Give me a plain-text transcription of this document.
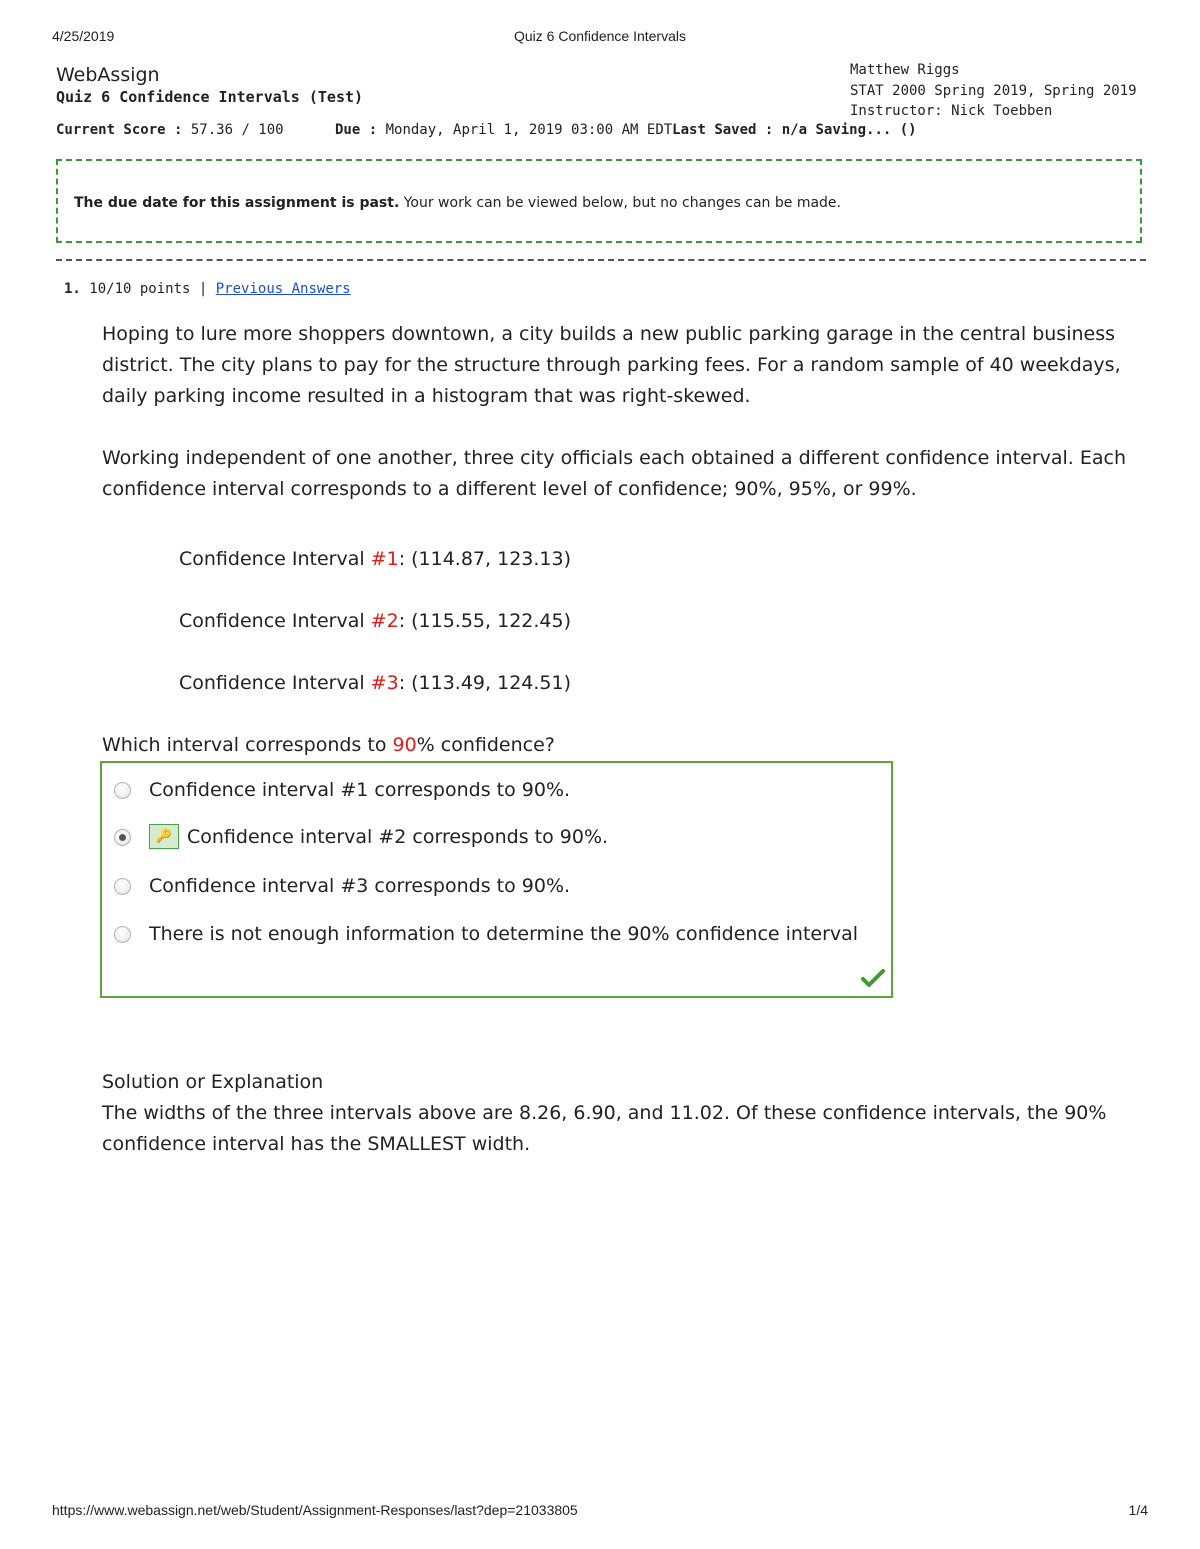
4/25/2019	Quiz 6 Confidence Intervals
WebAssign
Quiz 6 Confidence Intervals (Test)
Matthew Riggs
STAT 2000 Spring 2019, Spring 2019
Instructor: Nick Toebben
Current Score : 57.36 / 100	Due : Monday, April 1, 2019 03:00 AM EDTLast Saved : n/a Saving... ()
The due date for this assignment is past. Your work can be viewed below, but no changes can be made.
1. 10/10 points | Previous Answers
Hoping to lure more shoppers downtown, a city builds a new public parking garage in the central business district. The city plans to pay for the structure through parking fees. For a random sample of 40 weekdays, daily parking income resulted in a histogram that was right-skewed.
Working independent of one another, three city officials each obtained a different confidence interval. Each confidence interval corresponds to a different level of confidence; 90%, 95%, or 99%.
Confidence Interval #1: (114.87, 123.13)
Confidence Interval #2: (115.55, 122.45)
Confidence Interval #3: (113.49, 124.51)
Which interval corresponds to 90% confidence?
Confidence interval #1 corresponds to 90%.
🔑 Confidence interval #2 corresponds to 90%.
Confidence interval #3 corresponds to 90%.
There is not enough information to determine the 90% confidence interval
Solution or Explanation
The widths of the three intervals above are 8.26, 6.90, and 11.02. Of these confidence intervals, the 90% confidence interval has the SMALLEST width.
https://www.webassign.net/web/Student/Assignment-Responses/last?dep=21033805	1/4
